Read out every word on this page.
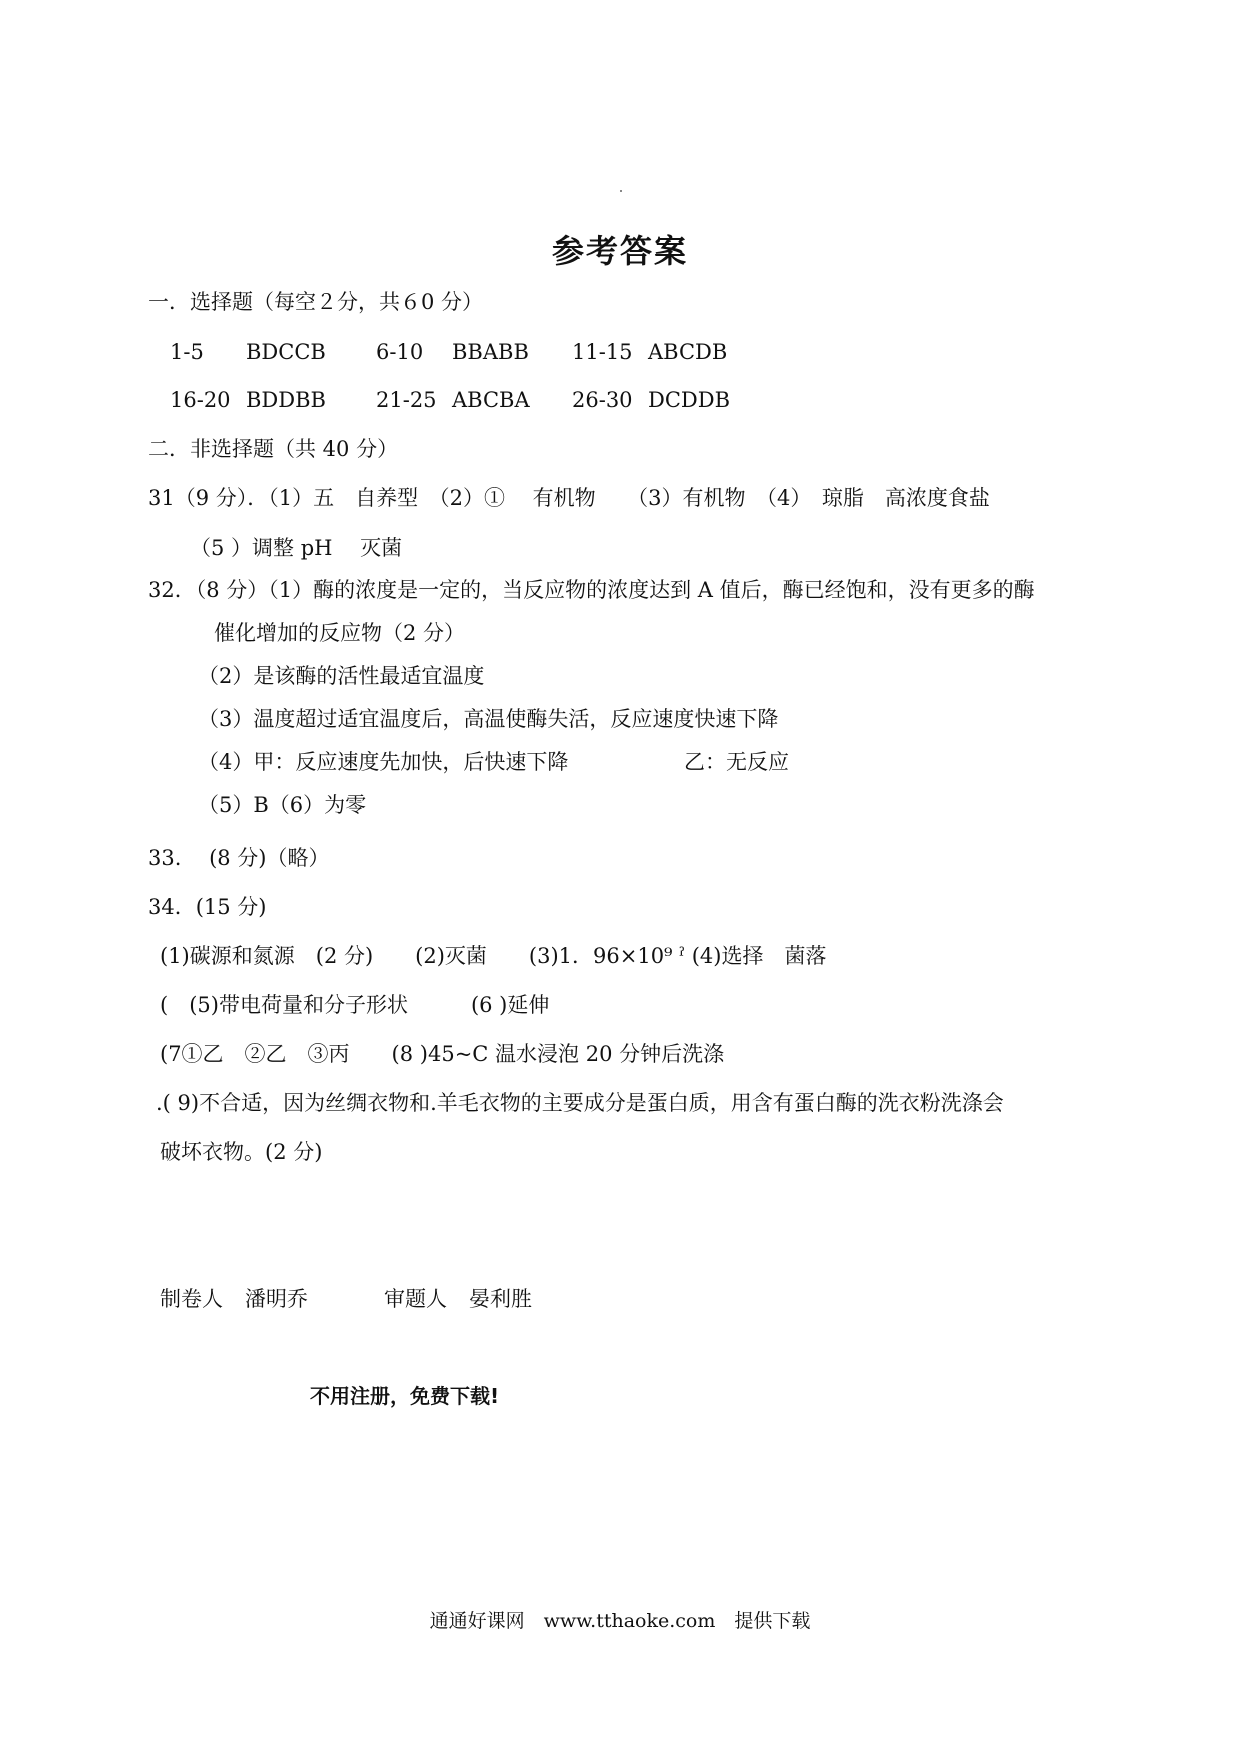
参考答案
一．选择题（每空２分，共６0 分）
1-5 BDCCB 6-10 BBABB 11-15 ABCDB
16-20 BDDBB 21-25 ABCBA 26-30 DCDDB
二．非选择题（共 40 分）
31（9 分）．（1）五　自养型　（2）①　 有机物　　（3）有机物　（4）　琼脂　高浓度食盐
（5 ）调整 pH　 灭菌
32．（8 分）（1）酶的浓度是一定的，当反应物的浓度达到 A 值后，酶已经饱和，没有更多的酶
催化增加的反应物（2 分）
（2）是该酶的活性最适宜温度
（3）温度超过适宜温度后，高温使酶失活，反应速度快速下降
（4）甲：反应速度先加快，后快速下降	乙：无反应
（5）B（6）为零
33.　 (8 分)（略）
34．(15 分)
(1)碳源和氮源　(2 分)　　(2)灭菌　　(3)1．96×10⁹ ˀ (4)选择　菌落
(　(5)带电荷量和分子形状　　　(6 )延伸
(7①乙　②乙　③丙　　(8 )45~C 温水浸泡 20 分钟后洗涤
.( 9)不合适，因为丝绸衣物和.羊毛衣物的主要成分是蛋白质，用含有蛋白酶的洗衣粉洗涤会
破坏衣物。(2 分)
制卷人 潘明乔	审题人 晏利胜
不用注册，免费下载!
通通好课网　www.tthaoke.com　提供下载
